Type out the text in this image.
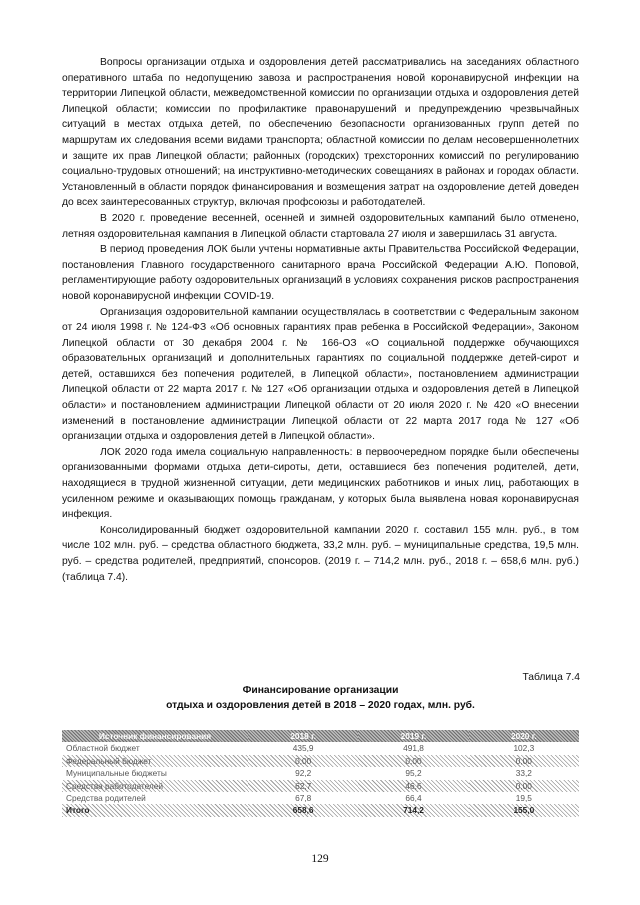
Вопросы организации отдыха и оздоровления детей рассматривались на заседаниях областного оперативного штаба по недопущению завоза и распространения новой коронавирусной инфекции на территории Липецкой области, межведомственной комиссии по организации отдыха и оздоровления детей Липецкой области; комиссии по профилактике правонарушений и предупреждению чрезвычайных ситуаций в местах отдыха детей, по обеспечению безопасности организованных групп детей по маршрутам их следования всеми видами транспорта; областной комиссии по делам несовершеннолетних и защите их прав Липецкой области; районных (городских) трехсторонних комиссий по регулированию социально-трудовых отношений; на инструктивно-методических совещаниях в районах и городах области. Установленный в области порядок финансирования и возмещения затрат на оздоровление детей доведен до всех заинтересованных структур, включая профсоюзы и работодателей.

В 2020 г. проведение весенней, осенней и зимней оздоровительных кампаний было отменено, летняя оздоровительная кампания в Липецкой области стартовала 27 июля и завершилась 31 августа.

В период проведения ЛОК были учтены нормативные акты Правительства Российской Федерации, постановления Главного государственного санитарного врача Российской Федерации А.Ю. Поповой, регламентирующие работу оздоровительных организаций в условиях сохранения рисков распространения новой коронавирусной инфекции COVID-19.

Организация оздоровительной кампании осуществлялась в соответствии с Федеральным законом от 24 июля 1998 г. № 124-ФЗ «Об основных гарантиях прав ребенка в Российской Федерации», Законом Липецкой области от 30 декабря 2004 г. № 166-ОЗ «О социальной поддержке обучающихся образовательных организаций и дополнительных гарантиях по социальной поддержке детей-сирот и детей, оставшихся без попечения родителей, в Липецкой области», постановлением администрации Липецкой области от 22 марта 2017 г. № 127 «Об организации отдыха и оздоровления детей в Липецкой области» и постановлением администрации Липецкой области от 20 июля 2020 г. № 420 «О внесении изменений в постановление администрации Липецкой области от 22 марта 2017 года № 127 «Об организации отдыха и оздоровления детей в Липецкой области».

ЛОК 2020 года имела социальную направленность: в первоочередном порядке были обеспечены организованными формами отдыха дети-сироты, дети, оставшиеся без попечения родителей, дети, находящиеся в трудной жизненной ситуации, дети медицинских работников и иных лиц, работающих в усиленном режиме и оказывающих помощь гражданам, у которых была выявлена новая коронавирусная инфекция.

Консолидированный бюджет оздоровительной кампании 2020 г. составил 155 млн. руб., в том числе 102 млн. руб. – средства областного бюджета, 33,2 млн. руб. – муниципальные средства, 19,5 млн. руб. – средства родителей, предприятий, спонсоров. (2019 г. – 714,2 млн. руб., 2018 г. – 658,6 млн. руб.) (таблица 7.4).

Таблица 7.4
Финансирование организации
отдыха и оздоровления детей в 2018 – 2020 годах, млн. руб.
Источник финансирования	2018 г.	2019 г.	2020 г.
Областной бюджет	435,9	491,8	102,3
Федеральный бюджет	0,00	0,00	0,00
Муниципальные бюджеты	92,2	95,2	33,2
Средства работодателей	62,7	46,6	0,00
Средства родителей	67,8	66,4	19,5
Итого	658,6	714,2	155,0
129
